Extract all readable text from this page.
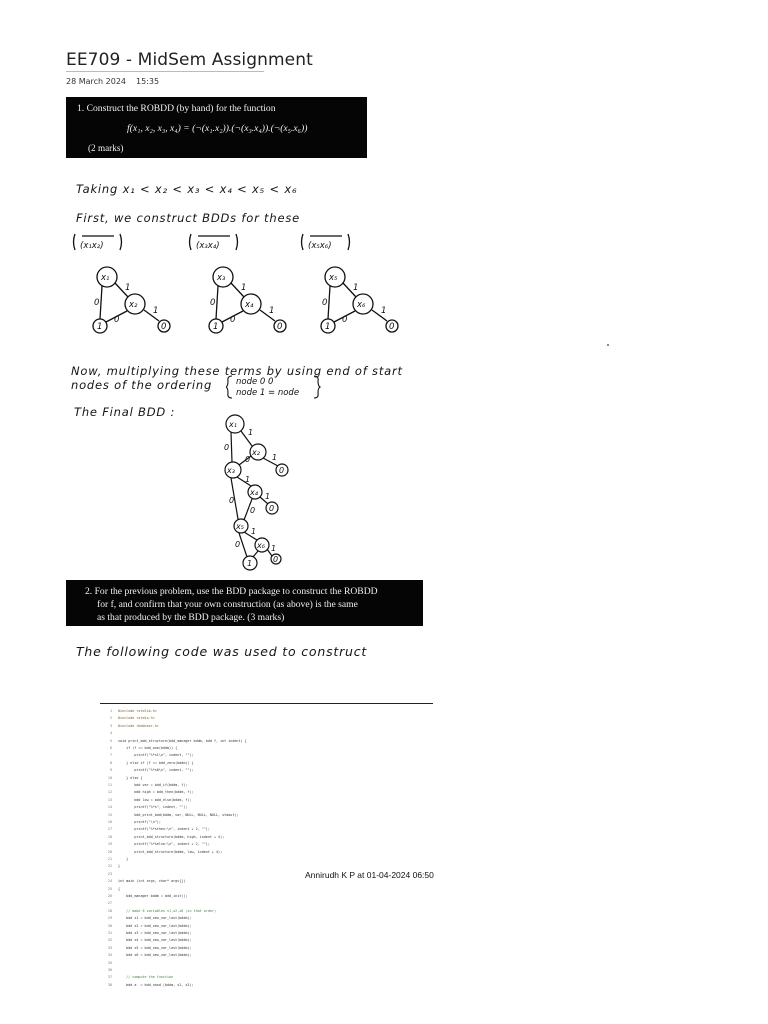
EE709 - MidSem Assignment
28 March 2024 15:35
1. Construct the ROBDD (by hand) for the function
f(x₁, x₂, x₃, x₄) = (¬(x₁.x₂)).(¬(x₃.x₄)).(¬(x₅.x₆))
(2 marks)
Taking x₁ < x₂ < x₃ < x₄ < x₅ < x₆
First, we construct BDDs for these
(x₁x₂)
x₁
x₂
1	0
1
0
0
1
(x₃x₄)
x₃
x₄
1	0
1
0
0
1
(x₅x₆)
x₅
x₆
1	0
1
0
0
1
Now, multiplying these terms by using end of start
nodes of the ordering	node 0 0
node 1 = node
The Final BDD :
x₁
x₂
x₃	0
x₄
0
x₅
x₆
1	0
1
0
1
0
1
0	1
0
1
0	1
2. For the previous problem, use the BDD package to construct the ROBDD
for f, and confirm that your own construction (as above) is the same
as that produced by the BDD package. (3 marks)
The following code was used to construct
1 #include <stdlib.h>
2 #include <stdio.h>
3 #include <bdduser.h>
4
5 void print_bdd_structure(bdd_manager bddm, bdd f, int indent) {
6    if (f == bdd_one(bddm)) {
7        printf("%*s1\n", indent, "");
8    } else if (f == bdd_zero(bddm)) {
9        printf("%*s0\n", indent, "");
10    } else {
11        bdd var = bdd_if(bddm, f);
12        bdd high = bdd_then(bddm, f);
13        bdd low = bdd_else(bddm, f);
14        printf("%*s", indent, "");
15        bdd_print_bdd(bddm, var, NULL, NULL, NULL, stdout);
16        printf("\n");
17        printf("%*sthen:\n", indent + 2, "");
18        print_bdd_structure(bddm, high, indent + 4);
19        printf("%*selse:\n", indent + 2, "");
20        print_bdd_structure(bddm, low, indent + 4);
21    }
22 }
23
24 int main (int argc, char* argv[])
25 {
26    bdd_manager bddm = bdd_init();
27
28    // make 6 variables x1,x2,x6 (in that order)
29    bdd x1 = bdd_new_var_last(bddm);
30    bdd x2 = bdd_new_var_last(bddm);
31    bdd x3 = bdd_new_var_last(bddm);
32    bdd x4 = bdd_new_var_last(bddm);
33    bdd x5 = bdd_new_var_last(bddm);
34    bdd x6 = bdd_new_var_last(bddm);
35
36
37    // compute the function
38    bdd a  = bdd_nand (bddm, x1, x2);
Annirudh K P at 01-04-2024 06:50
